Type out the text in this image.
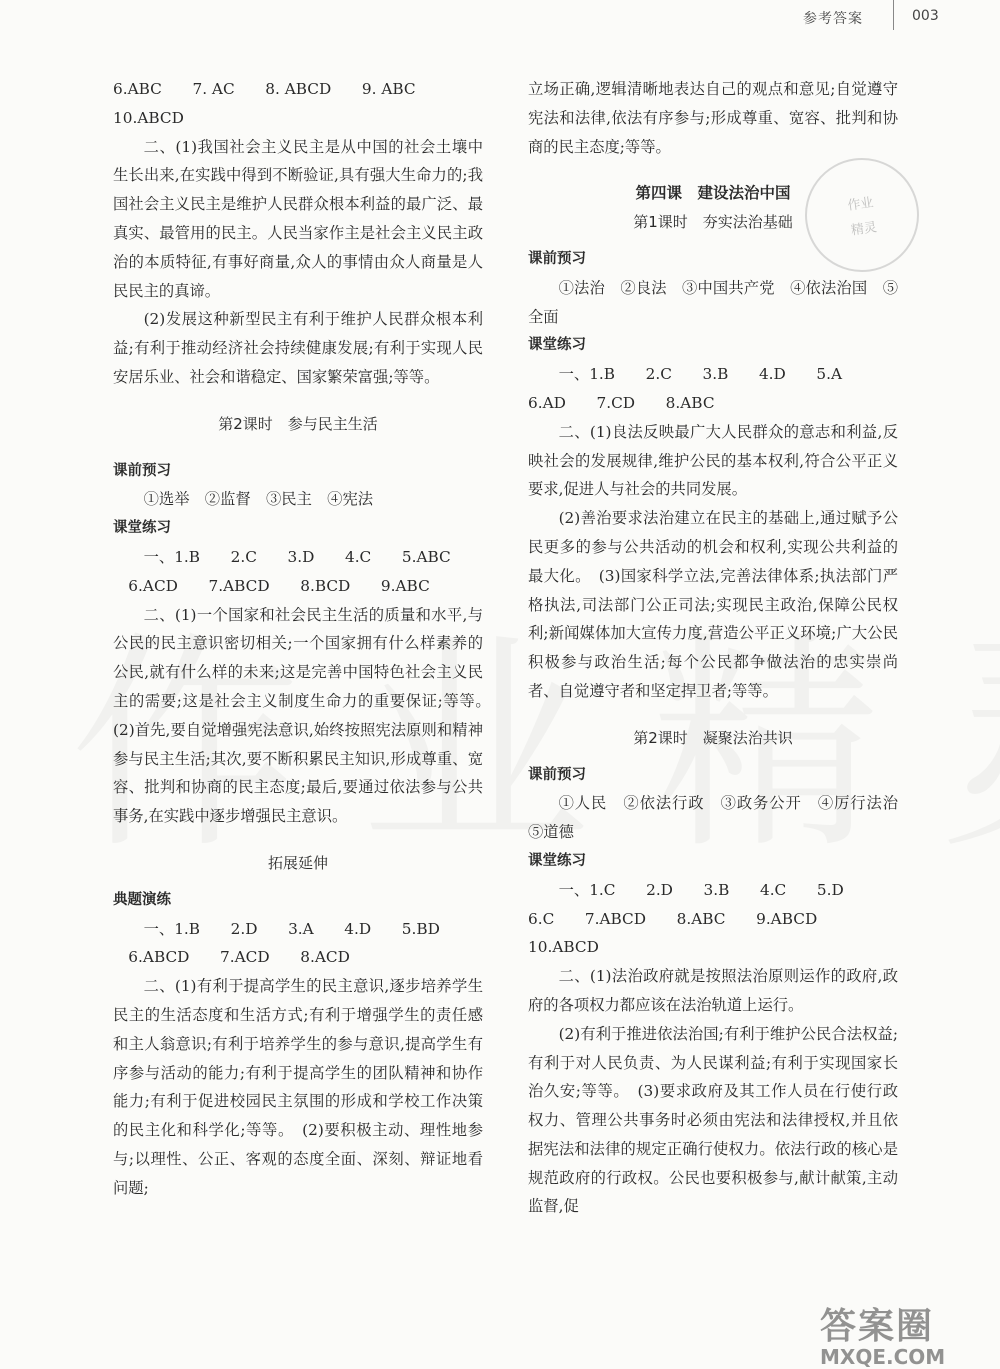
参考答案	003

6.ABC　　7. AC　　8. ABCD　　9. ABC

10.ABCD

二、(1)我国社会主义民主是从中国的社会土壤中生长出来,在实践中得到不断验证,具有强大生命力的;我国社会主义民主是维护人民群众根本利益的最广泛、最真实、最管用的民主。人民当家作主是社会主义民主政治的本质特征,有事好商量,众人的事情由众人商量是人民民主的真谛。

(2)发展这种新型民主有利于维护人民群众根本利益;有利于推动经济社会持续健康发展;有利于实现人民安居乐业、社会和谐稳定、国家繁荣富强;等等。

第2课时　参与民主生活

课前预习

①选举　②监督　③民主　④宪法

课堂练习

一、1.B　　2.C　　3.D　　4.C　　5.ABC

6.ACD　　7.ABCD　　8.BCD　　9.ABC

二、(1)一个国家和社会民主生活的质量和水平,与公民的民主意识密切相关;一个国家拥有什么样素养的公民,就有什么样的未来;这是完善中国特色社会主义民主的需要;这是社会主义制度生命力的重要保证;等等。　(2)首先,要自觉增强宪法意识,始终按照宪法原则和精神参与民主生活;其次,要不断积累民主知识,形成尊重、宽容、批判和协商的民主态度;最后,要通过依法参与公共事务,在实践中逐步增强民主意识。

拓展延伸

典题演练

一、1.B　　2.D　　3.A　　4.D　　5.BD

6.ABCD　　7.ACD　　8.ACD

二、(1)有利于提高学生的民主意识,逐步培养学生民主的生活态度和生活方式;有利于增强学生的责任感和主人翁意识;有利于培养学生的参与意识,提高学生有序参与活动的能力;有利于提高学生的团队精神和协作能力;有利于促进校园民主氛围的形成和学校工作决策的民主化和科学化;等等。　(2)要积极主动、理性地参与;以理性、公正、客观的态度全面、深刻、辩证地看问题;

立场正确,逻辑清晰地表达自己的观点和意见;自觉遵守宪法和法律,依法有序参与;形成尊重、宽容、批判和协商的民主态度;等等。

第四课　建设法治中国

第1课时　夯实法治基础

课前预习

①法治　②良法　③中国共产党　④依法治国　⑤全面

课堂练习

一、1.B　　2.C　　3.B　　4.D　　5.A

6.AD　　7.CD　　8.ABC

二、(1)良法反映最广大人民群众的意志和利益,反映社会的发展规律,维护公民的基本权利,符合公平正义要求,促进人与社会的共同发展。

(2)善治要求法治建立在民主的基础上,通过赋予公民更多的参与公共活动的机会和权利,实现公共利益的最大化。　(3)国家科学立法,完善法律体系;执法部门严格执法,司法部门公正司法;实现民主政治,保障公民权利;新闻媒体加大宣传力度,营造公平正义环境;广大公民积极参与政治生活;每个公民都争做法治的忠实崇尚者、自觉遵守者和坚定捍卫者;等等。

第2课时　凝聚法治共识

课前预习

①人民　②依法行政　③政务公开　④厉行法治　⑤道德

课堂练习

一、1.C　　2.D　　3.B　　4.C　　5.D

6.C　　7.ABCD　　8.ABC　　9.ABCD

10.ABCD

二、(1)法治政府就是按照法治原则运作的政府,政府的各项权力都应该在法治轨道上运行。

(2)有利于推进依法治国;有利于维护公民合法权益;有利于对人民负责、为人民谋利益;有利于实现国家长治久安;等等。　(3)要求政府及其工作人员在行使行政权力、管理公共事务时必须由宪法和法律授权,并且依据宪法和法律的规定正确行使权力。依法行政的核心是规范政府的行政权。公民也要积极参与,献计献策,主动监督,促

作业
精灵
答案圈
MXQE.COM
